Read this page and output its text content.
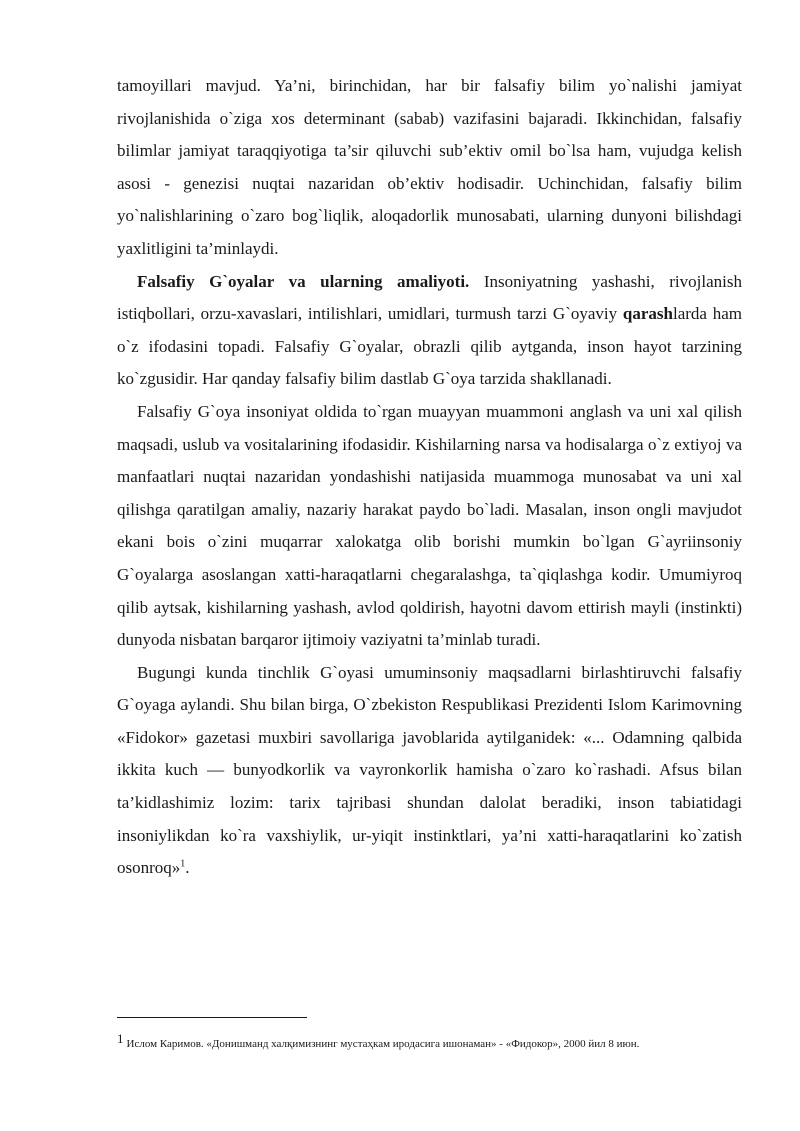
tamoyillari mavjud. Ya’ni, birinchidan, har bir falsafiy bilim yo`nalishi jamiyat rivojlanishida o`ziga xos determinant (sabab) vazifasini bajaradi. Ikkinchidan, falsafiy bilimlar jamiyat taraqqiyotiga ta’sir qiluvchi sub’ektiv omil bo`lsa ham, vujudga kelish asosi - genezisi nuqtai nazaridan ob’ektiv hodisadir. Uchinchidan, falsafiy bilim yo`nalishlarining o`zaro bog`liqlik, aloqadorlik munosabati, ularning dunyoni bilishdagi yaxlitligini ta’minlaydi.

Falsafiy G`oyalar va ularning amaliyoti. Insoniyatning yashashi, rivojlanish istiqbollari, orzu-xavaslari, intilishlari, umidlari, turmush tarzi G`oyaviy qarashlarda ham o`z ifodasini topadi. Falsafiy G`oyalar, obrazli qilib aytganda, inson hayot tarzining ko`zgusidir. Har qanday falsafiy bilim dastlab G`oya tarzida shakllanadi.

Falsafiy G`oya insoniyat oldida to`rgan muayyan muammoni anglash va uni xal qilish maqsadi, uslub va vositalarining ifodasidir. Kishilarning narsa va hodisalarga o`z extiyoj va manfaatlari nuqtai nazaridan yondashishi natijasida muammoga munosabat va uni xal qilishga qaratilgan amaliy, nazariy harakat paydo bo`ladi. Masalan, inson ongli mavjudot ekani bois o`zini muqarrar xalokatga olib borishi mumkin bo`lgan G`ayriinsoniy G`oyalarga asoslangan xatti-haraqatlarni chegaralashga, ta`qiqlashga kodir. Umumiyroq qilib aytsak, kishilarning yashash, avlod qoldirish, hayotni davom ettirish mayli (instinkti) dunyoda nisbatan barqaror ijtimoiy vaziyatni ta’minlab turadi.

Bugungi kunda tinchlik G`oyasi umuminsoniy maqsadlarni birlashtiruvchi falsafiy G`oyaga aylandi. Shu bilan birga, O`zbekiston Respublikasi Prezidenti Islom Karimovning «Fidokor» gazetasi muxbiri savollariga javoblarida aytilganidek: «... Odamning qalbida ikkita kuch — bunyodkorlik va vayronkorlik hamisha o`zaro ko`rashadi. Afsus bilan ta’kidlashimiz lozim: tarix tajribasi shundan dalolat beradiki, inson tabiatidagi insoniylikdan ko`ra vaxshiylik, ur-yiqit instinktlari, ya’ni xatti-haraqatlarini ko`zatish osonroq»$^1$.

1 Ислом Каримов. «Донишманд халқимизнинг мустаҳкам иродасига ишонаман» - «Фидокор», 2000 йил 8 июн.
